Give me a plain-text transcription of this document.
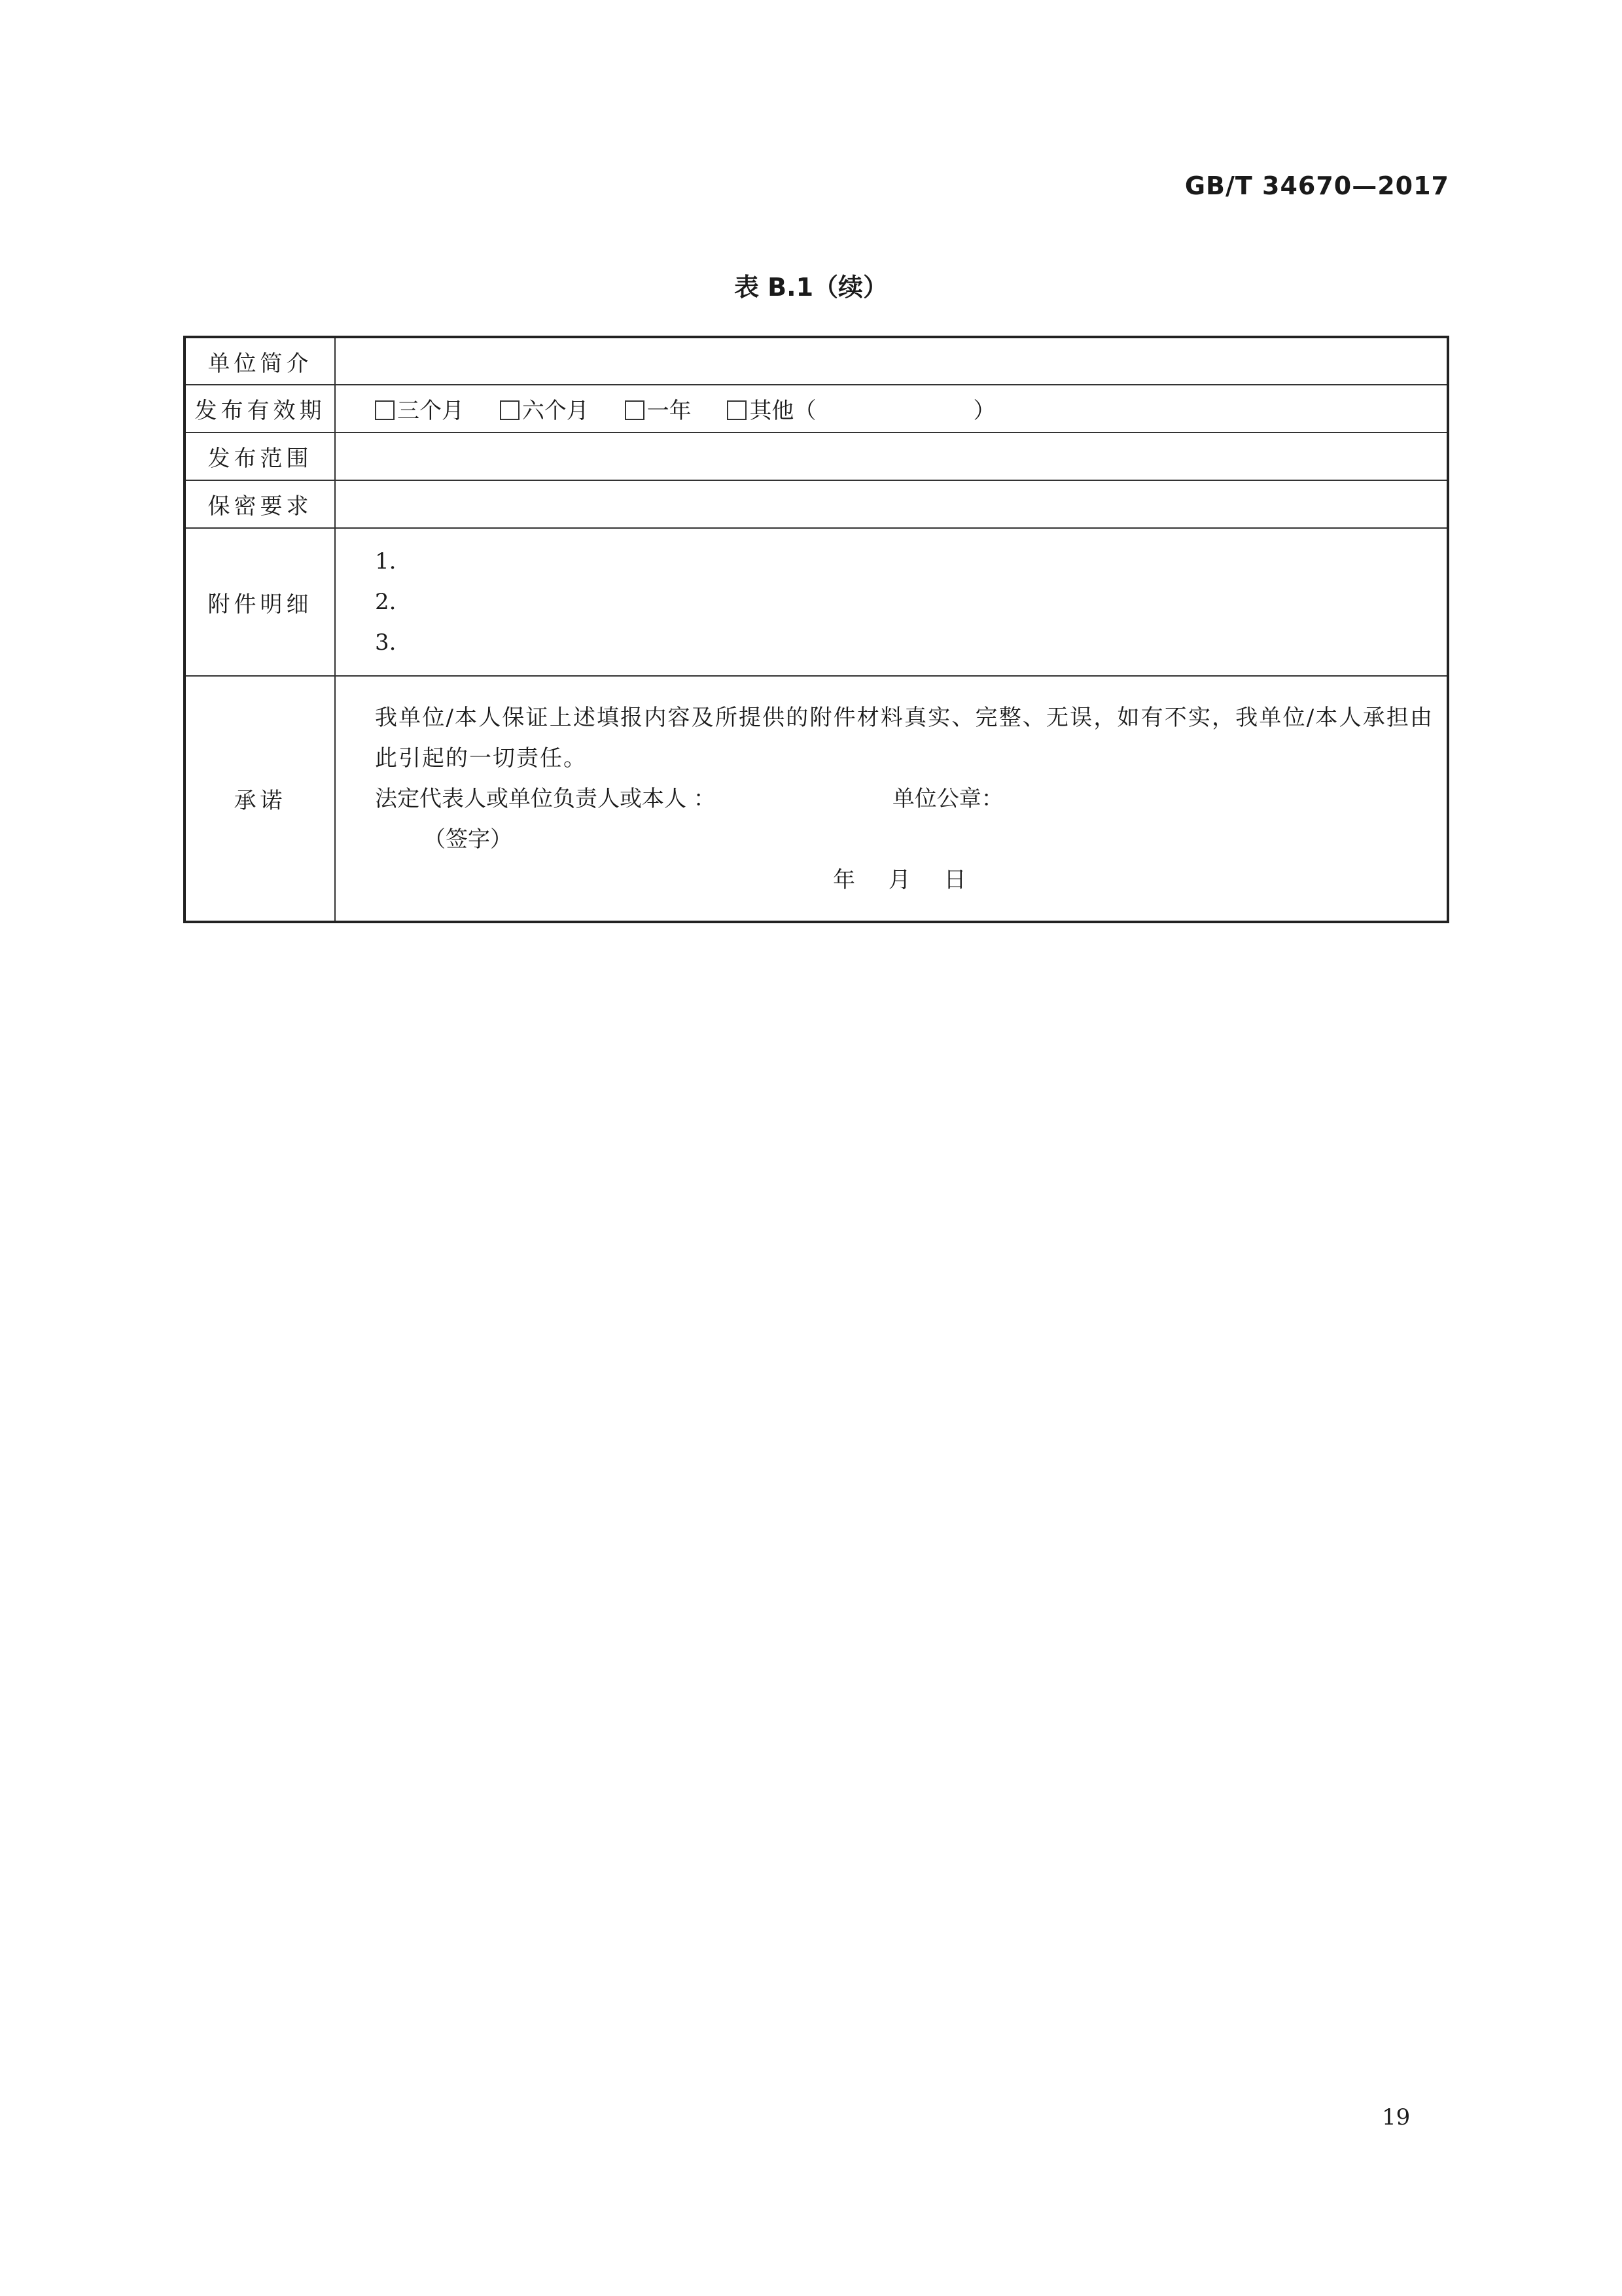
GB/T 34670—2017
表 B.1（续）
单位简介	
发布有效期	三个月 六个月 一年 其他（ ）
发布范围	
保密要求	
附件明细	1.
2.
3.

承诺	我单位/本人保证上述填报内容及所提供的附件材料真实、完整、无误，如有不实，我单位/本人承担由此引起的一切责任。
法定代表人或单位负责人或本人 ： 单位公章：
（签字）
年 月 日
19
